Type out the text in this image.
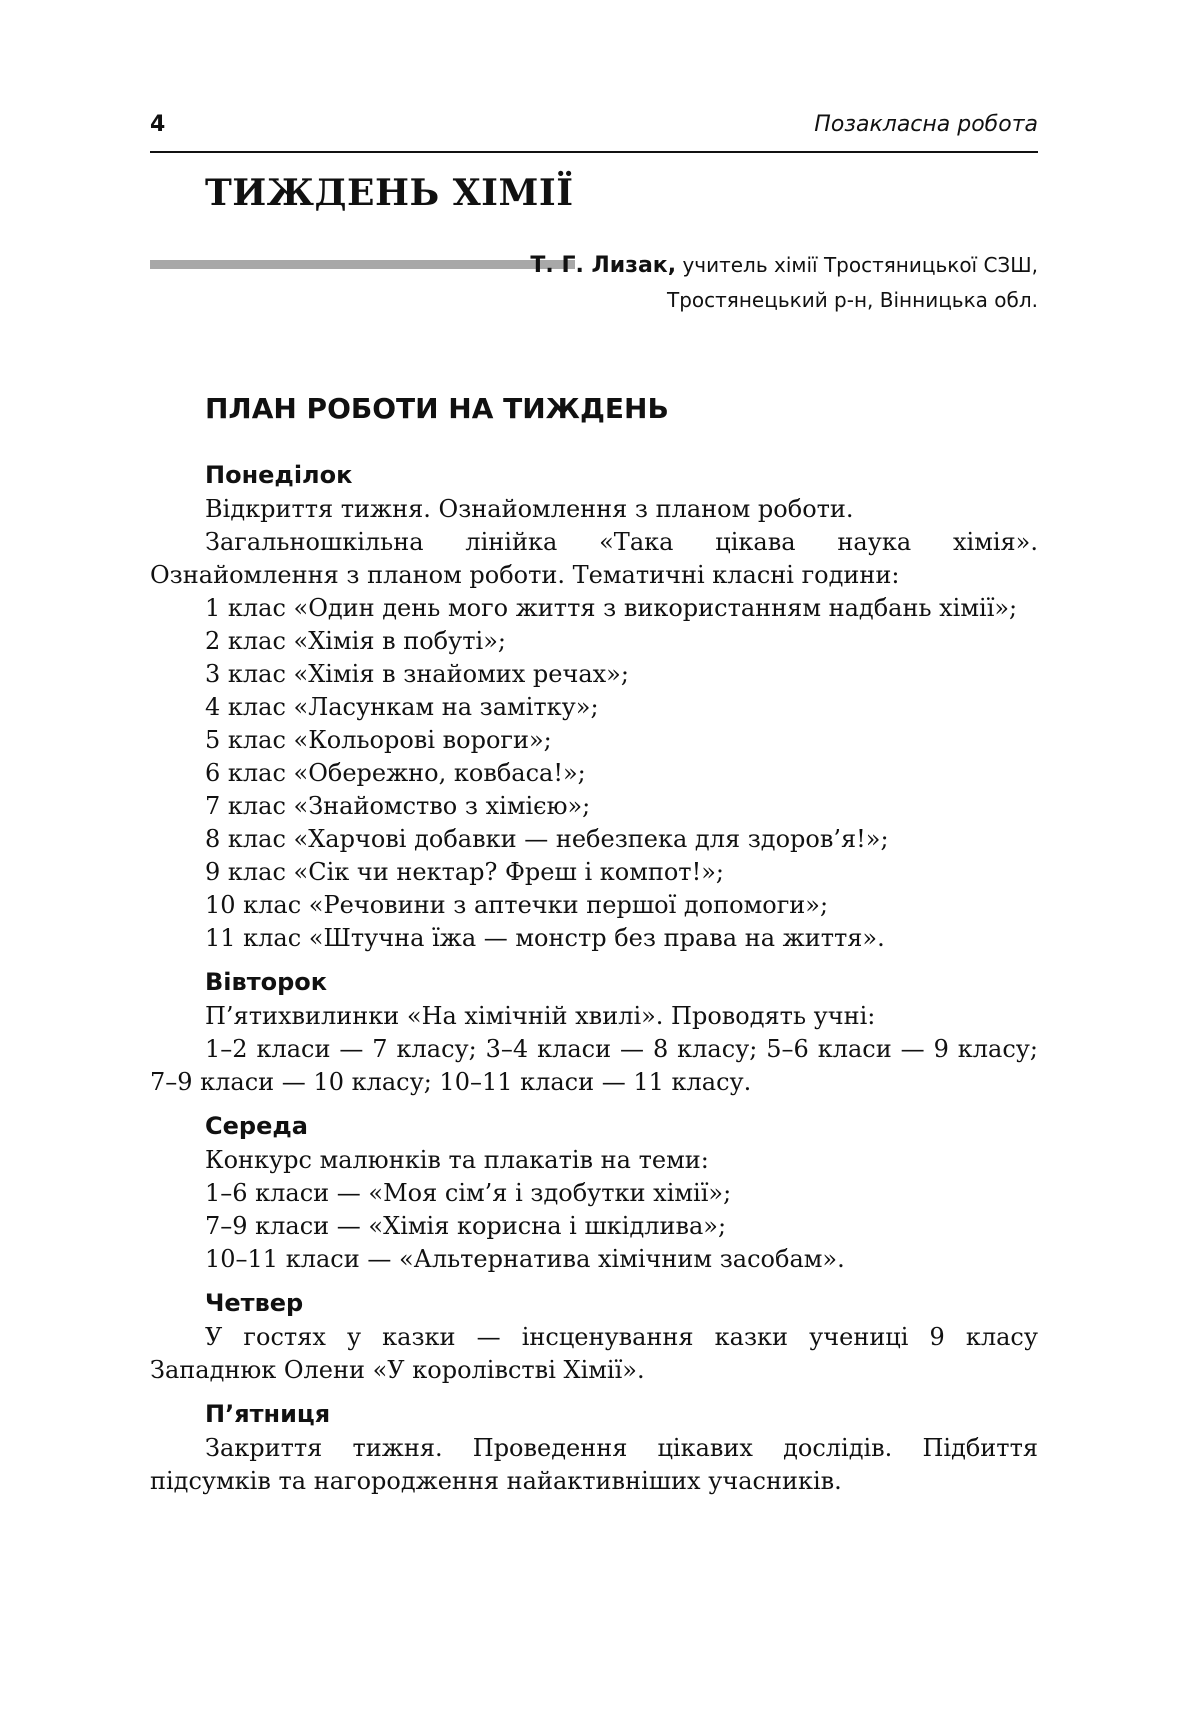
4	Позакласна робота
ТИЖДЕНЬ ХІМІЇ
Т. Г. Лизак, учитель хімії Тростяницької СЗШ,
Тростянецький р-н, Вінницька обл.
ПЛАН РОБОТИ НА ТИЖДЕНЬ
Понеділок

Відкриття тижня. Ознайомлення з планом роботи.

Загальношкільна лінійка «Така цікава наука хімія». Ознайомлення з планом роботи. Тематичні класні години:

1 клас «Один день мого життя з використанням надбань хімії»;

2 клас «Хімія в побуті»;

3 клас «Хімія в знайомих речах»;

4 клас «Ласункам на замітку»;

5 клас «Кольорові вороги»;

6 клас «Обережно, ковбаса!»;

7 клас «Знайомство з хімією»;

8 клас «Харчові добавки — небезпека для здоров’я!»;

9 клас «Сік чи нектар? Фреш і компот!»;

10 клас «Речовини з аптечки першої допомоги»;

11 клас «Штучна їжа — монстр без права на життя».

Вівторок

П’ятихвилинки «На хімічній хвилі». Проводять учні:

1–2 класи — 7 класу; 3–4 класи — 8 класу; 5–6 класи — 9 класу; 7–9 класи — 10 класу; 10–11 класи — 11 класу.

Середа

Конкурс малюнків та плакатів на теми:

1–6 класи — «Моя сім’я і здобутки хімії»;

7–9 класи — «Хімія корисна і шкідлива»;

10–11 класи — «Альтернатива хімічним засобам».

Четвер

У гостях у казки — інсценування казки учениці 9 класу Западнюк Олени «У королівстві Хімії».

П’ятниця

Закриття тижня. Проведення цікавих дослідів. Підбиття підсумків та нагородження найактивніших учасників.
